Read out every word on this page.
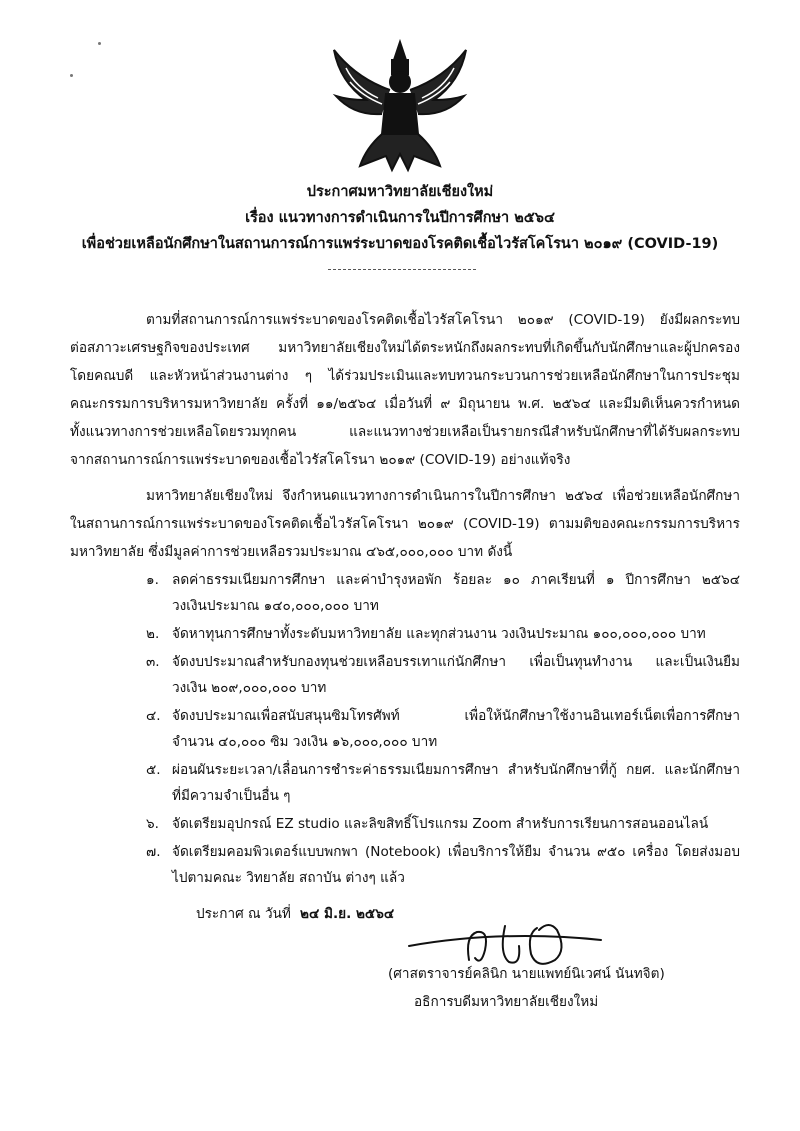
ประกาศมหาวิทยาลัยเชียงใหม่
เรื่อง แนวทางการดำเนินการในปีการศึกษา ๒๕๖๔
เพื่อช่วยเหลือนักศึกษาในสถานการณ์การแพร่ระบาดของโรคติดเชื้อไวรัสโคโรนา ๒๐๑๙ (COVID-19)
ตามที่สถานการณ์การแพร่ระบาดของโรคติดเชื้อไวรัสโคโรนา ๒๐๑๙ (COVID-19) ยังมีผลกระทบ
ต่อสภาวะเศรษฐกิจของประเทศ มหาวิทยาลัยเชียงใหม่ได้ตระหนักถึงผลกระทบที่เกิดขึ้นกับนักศึกษาและผู้ปกครอง
โดยคณบดี และหัวหน้าส่วนงานต่าง ๆ ได้ร่วมประเมินและทบทวนกระบวนการช่วยเหลือนักศึกษาในการประชุม
คณะกรรมการบริหารมหาวิทยาลัย ครั้งที่ ๑๑/๒๕๖๔ เมื่อวันที่ ๙ มิถุนายน พ.ศ. ๒๕๖๔ และมีมติเห็นควรกำหนด
ทั้งแนวทางการช่วยเหลือโดยรวมทุกคน และแนวทางช่วยเหลือเป็นรายกรณีสำหรับนักศึกษาที่ได้รับผลกระทบ
จากสถานการณ์การแพร่ระบาดของเชื้อไวรัสโคโรนา ๒๐๑๙ (COVID-19) อย่างแท้จริง
มหาวิทยาลัยเชียงใหม่ จึงกำหนดแนวทางการดำเนินการในปีการศึกษา ๒๕๖๔ เพื่อช่วยเหลือนักศึกษา
ในสถานการณ์การแพร่ระบาดของโรคติดเชื้อไวรัสโคโรนา ๒๐๑๙ (COVID-19) ตามมติของคณะกรรมการบริหาร
มหาวิทยาลัย ซึ่งมีมูลค่าการช่วยเหลือรวมประมาณ ๔๖๕,๐๐๐,๐๐๐ บาท ดังนี้
๑. ลดค่าธรรมเนียมการศึกษา และค่าบำรุงหอพัก ร้อยละ ๑๐ ภาคเรียนที่ ๑ ปีการศึกษา ๒๕๖๔
วงเงินประมาณ ๑๔๐,๐๐๐,๐๐๐ บาท
๒. จัดหาทุนการศึกษาทั้งระดับมหาวิทยาลัย และทุกส่วนงาน วงเงินประมาณ ๑๐๐,๐๐๐,๐๐๐ บาท
๓. จัดงบประมาณสำหรับกองทุนช่วยเหลือบรรเทาแก่นักศึกษา เพื่อเป็นทุนทำงาน และเป็นเงินยืม
วงเงิน ๒๐๙,๐๐๐,๐๐๐ บาท
๔. จัดงบประมาณเพื่อสนับสนุนซิมโทรศัพท์ เพื่อให้นักศึกษาใช้งานอินเทอร์เน็ตเพื่อการศึกษา
จำนวน ๔๐,๐๐๐ ซิม วงเงิน ๑๖,๐๐๐,๐๐๐ บาท
๕. ผ่อนผันระยะเวลา/เลื่อนการชำระค่าธรรมเนียมการศึกษา สำหรับนักศึกษาที่กู้ กยศ. และนักศึกษา
ที่มีความจำเป็นอื่น ๆ
๖. จัดเตรียมอุปกรณ์ EZ studio และลิขสิทธิ์โปรแกรม Zoom สำหรับการเรียนการสอนออนไลน์
๗. จัดเตรียมคอมพิวเตอร์แบบพกพา (Notebook) เพื่อบริการให้ยืม จำนวน ๙๕๐ เครื่อง โดยส่งมอบ
ไปตามคณะ วิทยาลัย สถาบัน ต่างๆ แล้ว
ประกาศ ณ วันที่ ๒๔ มิ.ย. ๒๕๖๔
(ศาสตราจารย์คลินิก นายแพทย์นิเวศน์ นันทจิต)
อธิการบดีมหาวิทยาลัยเชียงใหม่
